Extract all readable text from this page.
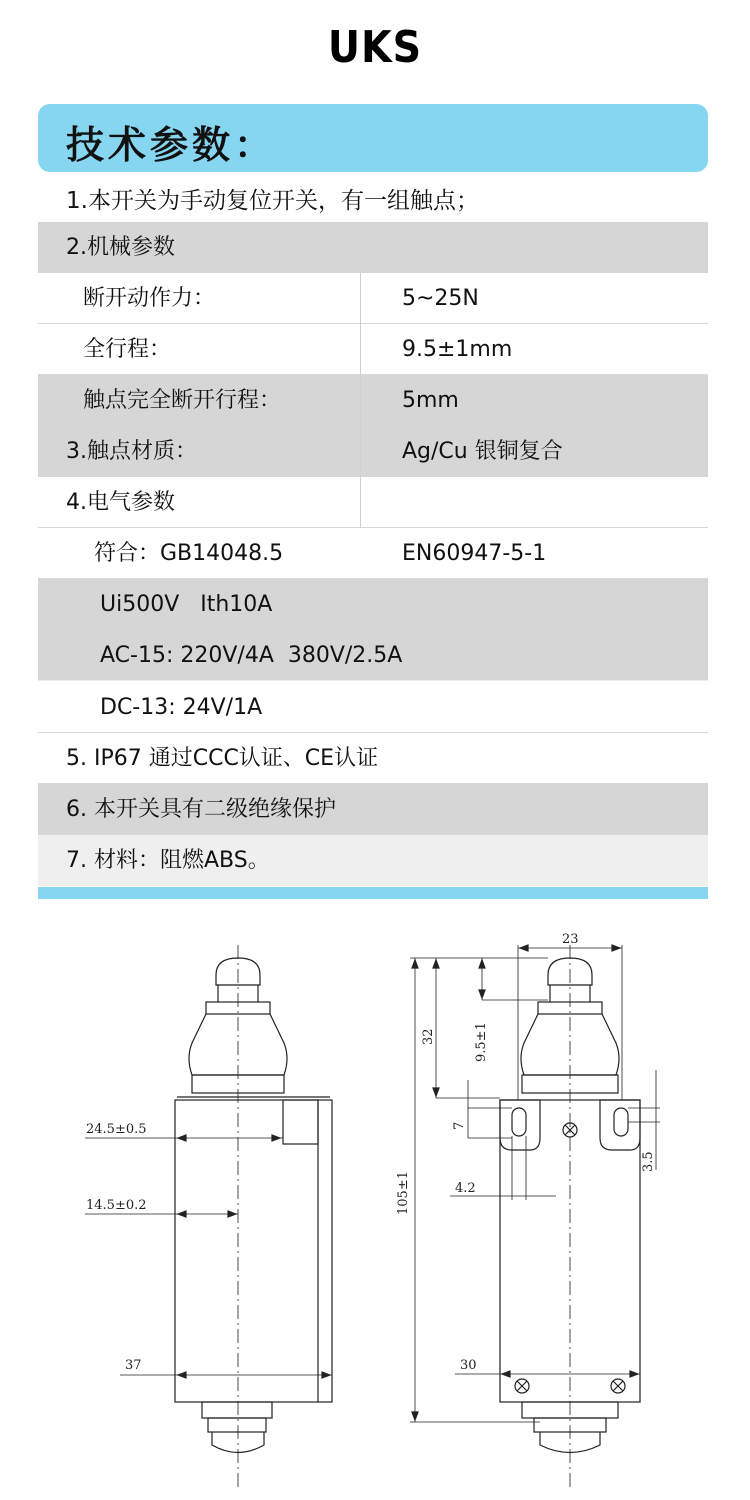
UKS
技术参数：
1.本开关为手动复位开关，有一组触点；
2.机械参数
断开动作力：	5~25N
全行程：	9.5±1mm
触点完全断开行程：	5mm
3.触点材质：	Ag/Cu 银铜复合
4.电气参数
符合：GB14048.5	EN60947-5-1
Ui500V   Ith10A
AC-15: 220V/4A  380V/2.5A
DC-13: 24V/1A
5. IP67 通过CCC认证、CE认证
6. 本开关具有二级绝缘保护
7. 材料：阻燃ABS。
24.5±0.5
14.5±0.2
37
23
32	9.5±1
105±1
7
4.2
3.5
30
